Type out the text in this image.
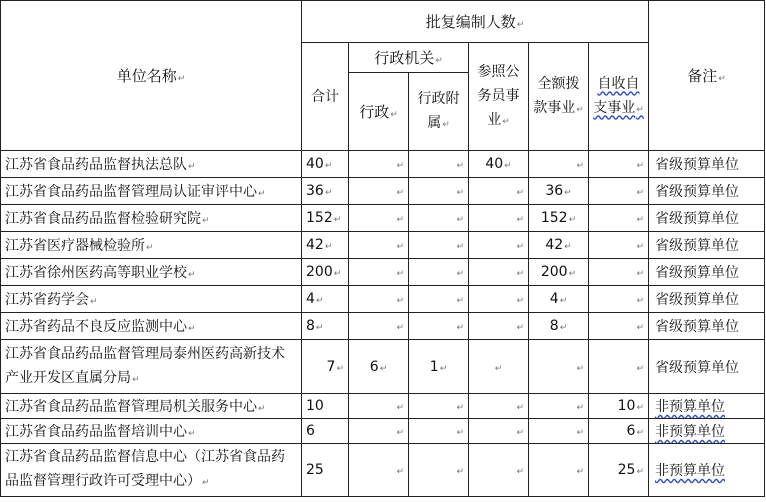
单位名称 ↵	批复编制人数 ↵						备注 ↵
	合计	行政机关 ↵		参照公务员事业 ↵	全额拨款事业 ↵	自收自支事业 ↵
		行政 ↵	行政附属 ↵
江苏省食品药品监督执法总队 ↵	40 ↵	↵	↵	40 ↵	↵	↵	省级预算单位
江苏省食品药品监督管理局认证审评中心 ↵	36 ↵	↵	↵	↵	36 ↵	↵	省级预算单位
江苏省食品药品监督检验研究院 ↵	152 ↵	↵	↵	↵	152 ↵	↵	省级预算单位
江苏省医疗器械检验所 ↵	42 ↵	↵	↵	↵	42 ↵	↵	省级预算单位
江苏省徐州医药高等职业学校 ↵	200 ↵	↵	↵	↵	200 ↵	↵	省级预算单位
江苏省药学会 ↵	4 ↵	↵	↵	↵	4 ↵	↵	省级预算单位
江苏省药品不良反应监测中心 ↵	8 ↵	↵	↵	↵	8 ↵	↵	省级预算单位
江苏省食品药品监督管理局泰州医药高新技术产业开发区直属分局 ↵	7 ↵	6 ↵	1 ↵	↵	↵	↵	省级预算单位
江苏省食品药品监督管理局机关服务中心 ↵	10	↵	↵	↵	↵	10 ↵	非预算单位
江苏省食品药品监督培训中心 ↵	6	↵	↵	↵	↵	6 ↵	非预算单位
江苏省食品药品监督信息中心（江苏省食品药品监督管理行政许可受理中心） ↵	25	↵	↵	↵	↵	25 ↵	非预算单位
